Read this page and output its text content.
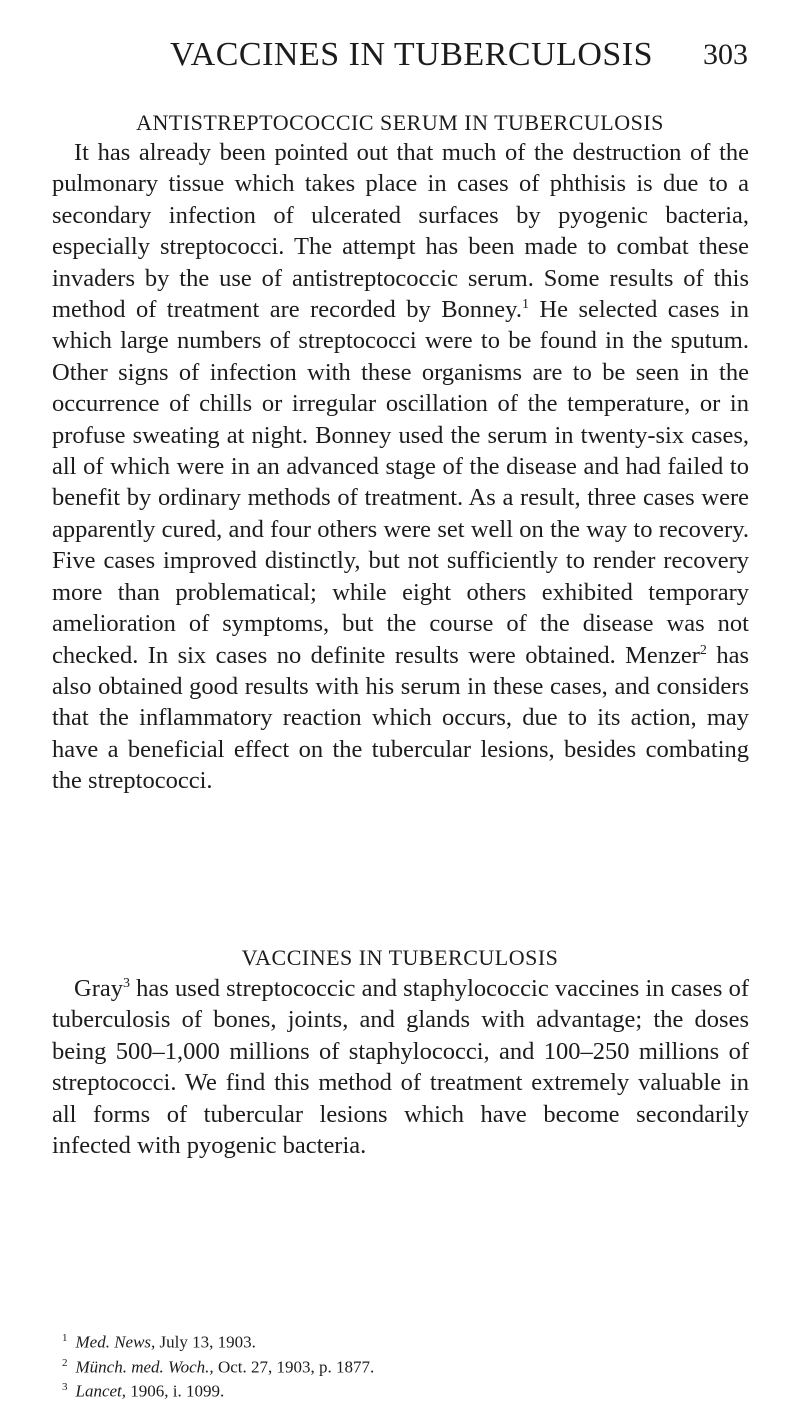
VACCINES IN TUBERCULOSIS 303
ANTISTREPTOCOCCIC SERUM IN TUBERCULOSIS

It has already been pointed out that much of the destruction of the pulmonary tissue which takes place in cases of phthisis is due to a secondary infection of ulcerated surfaces by pyogenic bacteria, especially streptococci. The attempt has been made to combat these invaders by the use of antistreptococcic serum. Some results of this method of treatment are recorded by Bonney.$^1$ He selected cases in which large numbers of streptococci were to be found in the sputum. Other signs of infection with these organisms are to be seen in the occurrence of chills or irregular oscillation of the temperature, or in profuse sweating at night. Bonney used the serum in twenty-six cases, all of which were in an advanced stage of the disease and had failed to benefit by ordinary methods of treatment. As a result, three cases were apparently cured, and four others were set well on the way to recovery. Five cases improved distinctly, but not sufficiently to render recovery more than problematical; while eight others exhibited temporary amelioration of symptoms, but the course of the disease was not checked. In six cases no definite results were obtained. Menzer$^2$ has also obtained good results with his serum in these cases, and considers that the inflammatory reaction which occurs, due to its action, may have a beneficial effect on the tubercular lesions, besides combating the streptococci.

VACCINES IN TUBERCULOSIS

Gray$^3$ has used streptococcic and staphylococcic vaccines in cases of tuberculosis of bones, joints, and glands with advantage; the doses being 500–1,000 millions of staphylococci, and 100–250 millions of streptococci. We find this method of treatment extremely valuable in all forms of tubercular lesions which have become secondarily infected with pyogenic bacteria.

$^1$ Med. News, July 13, 1903.
$^2$ Münch. med. Woch., Oct. 27, 1903, p. 1877.
$^3$ Lancet, 1906, i. 1099.
